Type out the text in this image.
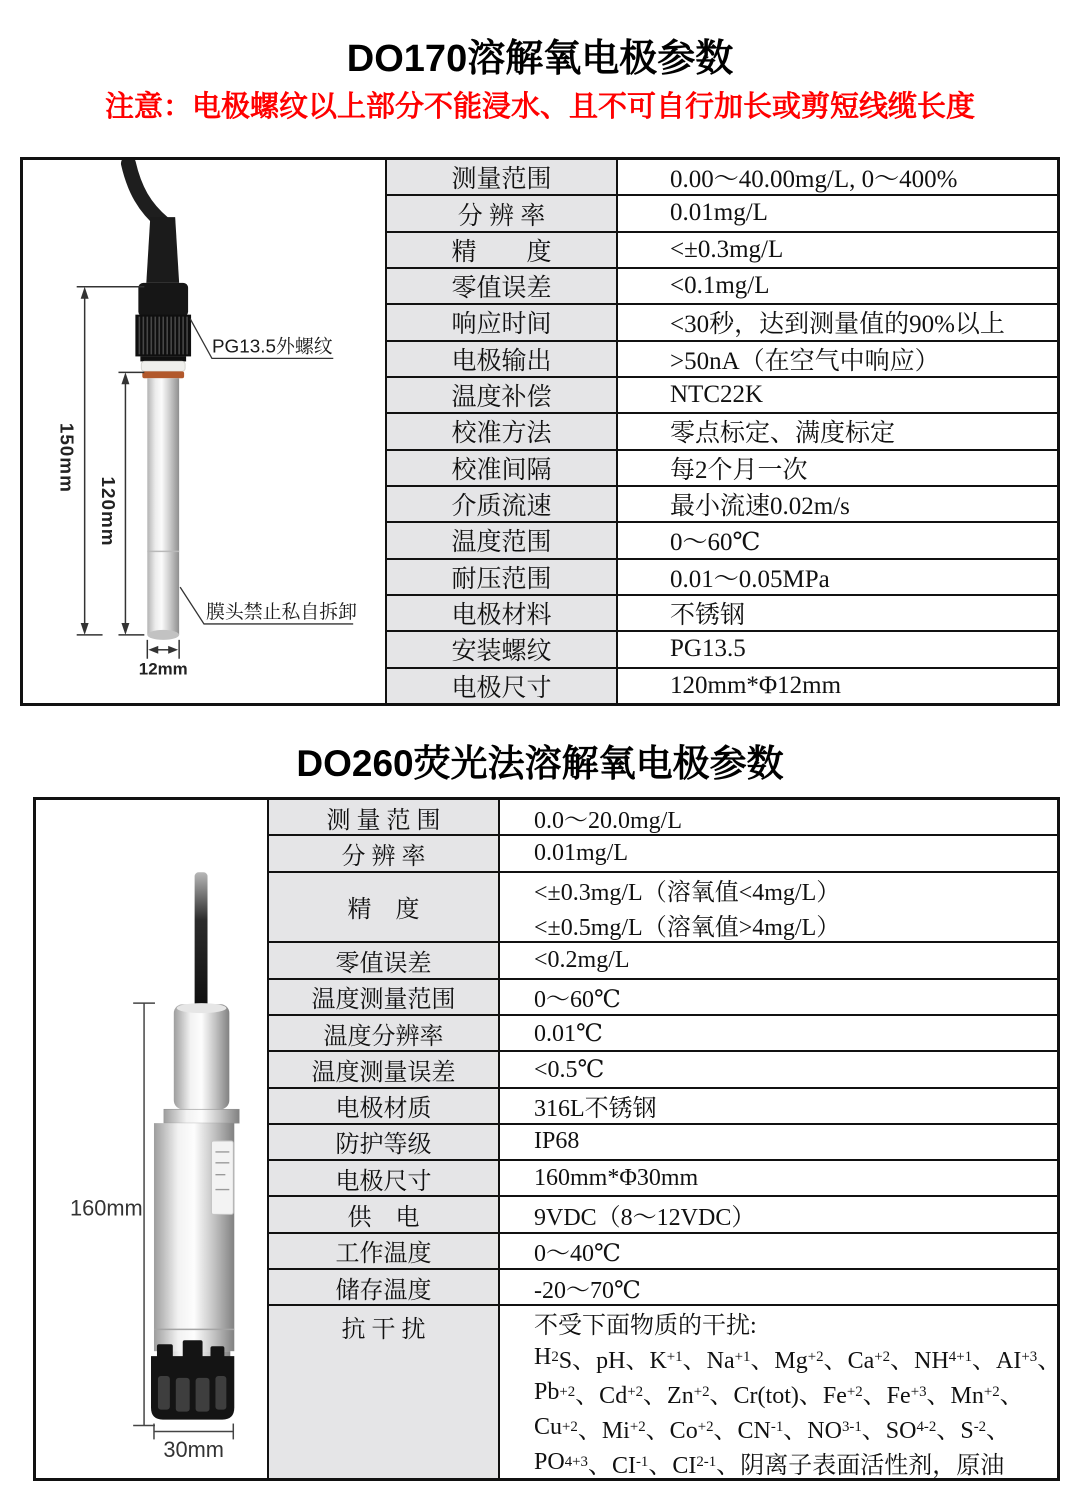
DO170溶解氧电极参数
注意：电极螺纹以上部分不能浸水、且不可自行加长或剪短线缆长度
150mm
120mm
12mm
PG13.5外螺纹
膜头禁止私自拆卸
测量范围	0.00～40.00mg/L, 0～400%
分 辨 率	0.01mg/L
精　　度	<±0.3mg/L
零值误差	<0.1mg/L
响应时间	<30秒，达到测量值的90%以上
电极输出	>50nA（在空气中响应）
温度补偿	NTC22K
校准方法	零点标定、满度标定
校准间隔	每2个月一次
介质流速	最小流速0.02m/s
温度范围	0～60℃
耐压范围	0.01～0.05MPa
电极材料	不锈钢
安装螺纹	PG13.5
电极尺寸	120mm*Φ12mm
DO260荧光法溶解氧电极参数
160mm
30mm
测 量 范 围	0.0～20.0mg/L
分 辨 率	0.01mg/L
精　度
<±0.3mg/L（溶氧值<4mg/L）
<±0.5mg/L（溶氧值>4mg/L）
零值误差	<0.2mg/L
温度测量范围	0～60℃
温度分辨率	0.01℃
温度测量误差	<0.5℃
电极材质	316L不锈钢
防护等级	IP68
电极尺寸	160mm*Φ30mm
供　电	9VDC（8～12VDC）
工作温度	0～40℃
储存温度	-20～70℃
抗 干 扰	不受下面物质的干扰:
H 2 S、pH、K +1 、Na +1 、Mg +2 、Ca +2 、NH 4 +1 、AI +3 、
Pb +2 、Cd +2 、Zn +2 、Cr(tot)、Fe +2 、Fe +3 、Mn +2 、
Cu +2 、Mi +2 、Co +2 、CN -1 、NO 3 -1 、SO 4 -2 、S -2 、
PO 4 +3 、CI -1 、CI 2 -1 、阴离子表面活性剂，原油
